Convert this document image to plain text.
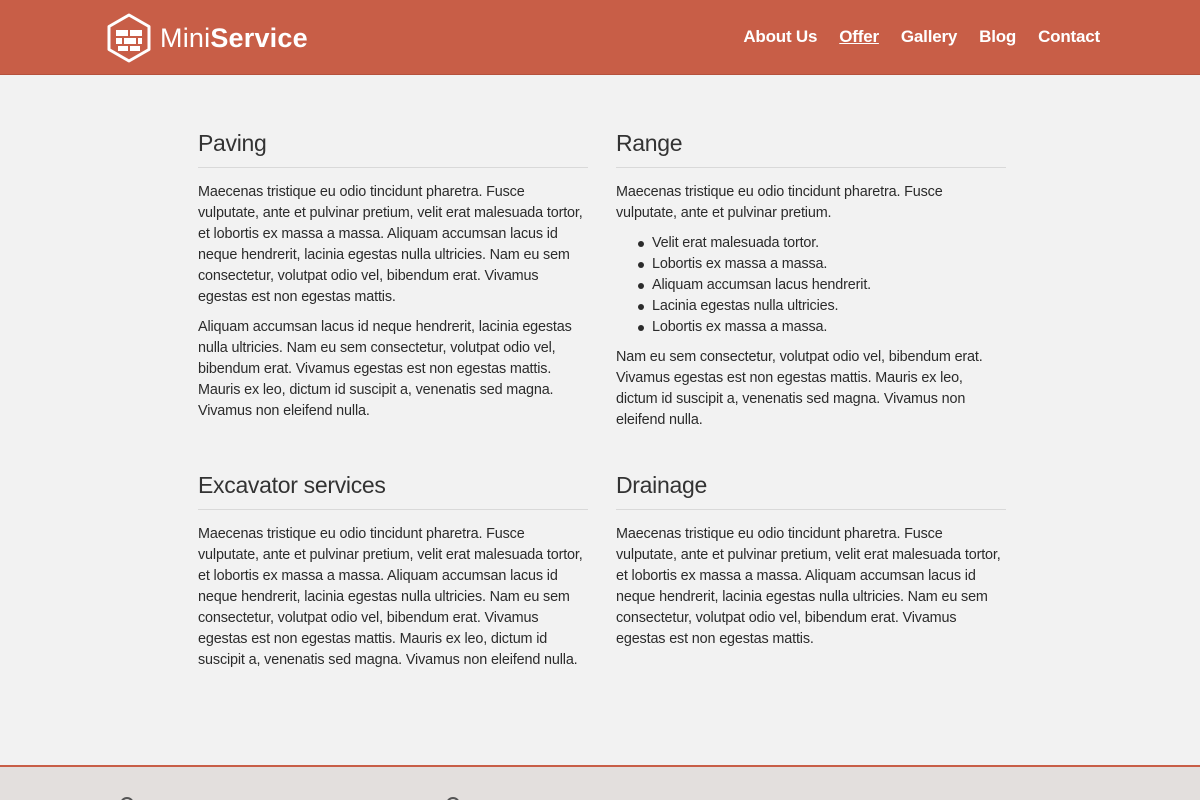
MiniService	About Us Offer Gallery Blog Contact
Paving

Maecenas tristique eu odio tincidunt pharetra. Fusce vulputate, ante et pulvinar pretium, velit erat malesuada tortor, et lobortis ex massa a massa. Aliquam accumsan lacus id neque hendrerit, lacinia egestas nulla ultricies. Nam eu sem consectetur, volutpat odio vel, bibendum erat. Vivamus egestas est non egestas mattis.

Aliquam accumsan lacus id neque hendrerit, lacinia egestas nulla ultricies. Nam eu sem consectetur, volutpat odio vel, bibendum erat. Vivamus egestas est non egestas mattis. Mauris ex leo, dictum id suscipit a, venenatis sed magna. Vivamus non eleifend nulla.

Range

Maecenas tristique eu odio tincidunt pharetra. Fusce vulputate, ante et pulvinar pretium.

Velit erat malesuada tortor.
Lobortis ex massa a massa.
Aliquam accumsan lacus hendrerit.
Lacinia egestas nulla ultricies.
Lobortis ex massa a massa.

Nam eu sem consectetur, volutpat odio vel, bibendum erat. Vivamus egestas est non egestas mattis. Mauris ex leo, dictum id suscipit a, venenatis sed magna. Vivamus non eleifend nulla.

Excavator services

Maecenas tristique eu odio tincidunt pharetra. Fusce vulputate, ante et pulvinar pretium, velit erat malesuada tortor, et lobortis ex massa a massa. Aliquam accumsan lacus id neque hendrerit, lacinia egestas nulla ultricies. Nam eu sem consectetur, volutpat odio vel, bibendum erat. Vivamus egestas est non egestas mattis. Mauris ex leo, dictum id suscipit a, venenatis sed magna. Vivamus non eleifend nulla.

Drainage

Maecenas tristique eu odio tincidunt pharetra. Fusce vulputate, ante et pulvinar pretium, velit erat malesuada tortor, et lobortis ex massa a massa. Aliquam accumsan lacus id neque hendrerit, lacinia egestas nulla ultricies. Nam eu sem consectetur, volutpat odio vel, bibendum erat. Vivamus egestas est non egestas mattis.
